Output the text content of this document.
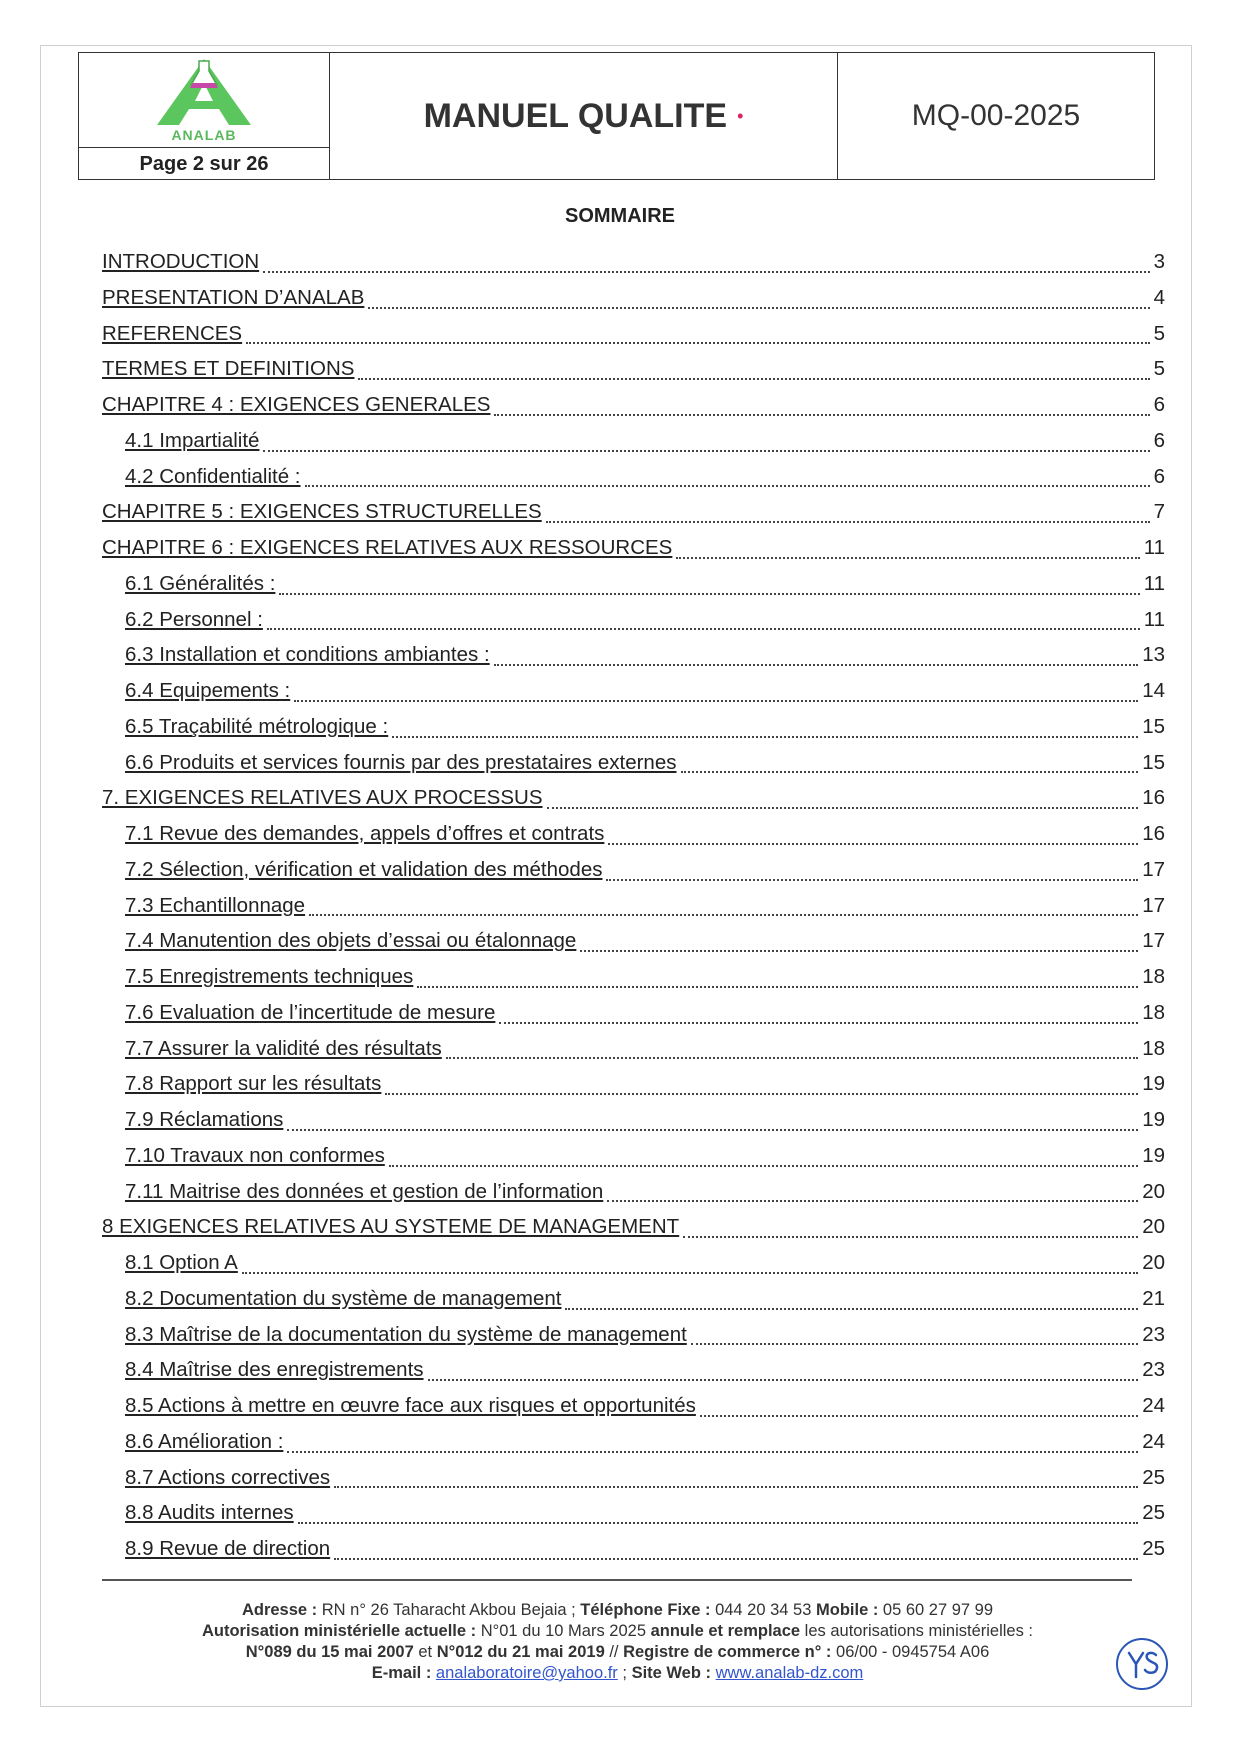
ANALAB
Page 2 sur 26
MANUEL QUALITE •	MQ-00-2025
SOMMAIRE
INTRODUCTION	3
PRESENTATION D’ANALAB	4
REFERENCES	5
TERMES ET DEFINITIONS	5
CHAPITRE 4 : EXIGENCES GENERALES	6
4.1 Impartialité	6
4.2 Confidentialité :	6
CHAPITRE 5 : EXIGENCES STRUCTURELLES	7
CHAPITRE 6 : EXIGENCES RELATIVES AUX RESSOURCES	11
6.1 Généralités :	11
6.2 Personnel :	11
6.3 Installation et conditions ambiantes :	13
6.4 Equipements :	14
6.5 Traçabilité métrologique :	15
6.6 Produits et services fournis par des prestataires externes	15
7. EXIGENCES RELATIVES AUX PROCESSUS	16
7.1 Revue des demandes, appels d’offres et contrats	16
7.2 Sélection, vérification et validation des méthodes	17
7.3 Echantillonnage	17
7.4 Manutention des objets d’essai ou étalonnage	17
7.5 Enregistrements techniques	18
7.6 Evaluation de l’incertitude de mesure	18
7.7 Assurer la validité des résultats	18
7.8 Rapport sur les résultats	19
7.9 Réclamations	19
7.10 Travaux non conformes	19
7.11 Maitrise des données et gestion de l’information	20
8 EXIGENCES RELATIVES AU SYSTEME DE MANAGEMENT	20
8.1 Option A	20
8.2 Documentation du système de management	21
8.3 Maîtrise de la documentation du système de management	23
8.4 Maîtrise des enregistrements	23
8.5 Actions à mettre en œuvre face aux risques et opportunités	24
8.6 Amélioration :	24
8.7 Actions correctives	25
8.8 Audits internes	25
8.9 Revue de direction	25
Adresse : RN n° 26 Taharacht Akbou Bejaia ; Téléphone Fixe : 044 20 34 53 Mobile : 05 60 27 97 99
Autorisation ministérielle actuelle : N°01 du 10 Mars 2025 annule et remplace les autorisations ministérielles :
N°089 du 15 mai 2007 et N°012 du 21 mai 2019 // Registre de commerce n° : 06/00 - 0945754 A06
E-mail : analaboratoire@yahoo.fr ; Site Web : www.analab-dz.com
